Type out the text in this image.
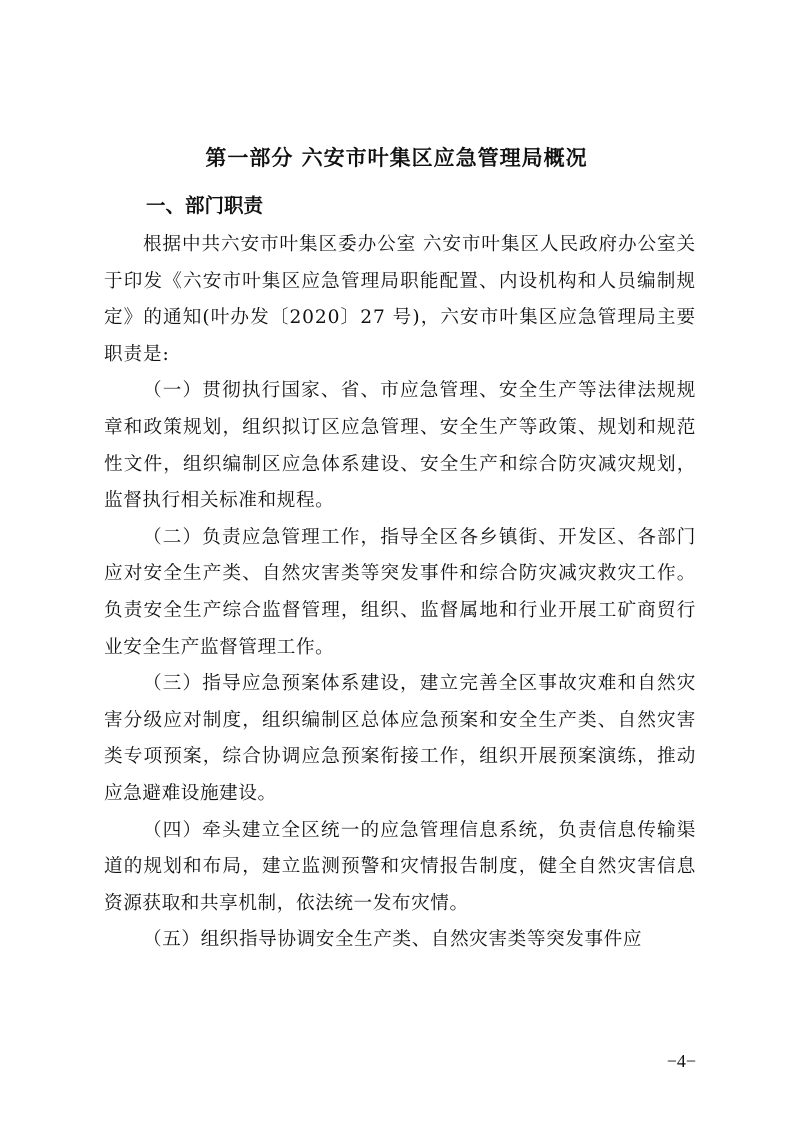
第一部分 六安市叶集区应急管理局概况
一、部门职责

根据中共六安市叶集区委办公室 六安市叶集区人民政府办公室关于印发《六安市叶集区应急管理局职能配置、内设机构和人员编制规定》的通知(叶办发〔2020〕27 号)，六安市叶集区应急管理局主要职责是:

（一）贯彻执行国家、省、市应急管理、安全生产等法律法规规章和政策规划，组织拟订区应急管理、安全生产等政策、规划和规范性文件，组织编制区应急体系建设、安全生产和综合防灾减灾规划，监督执行相关标准和规程。

（二）负责应急管理工作，指导全区各乡镇街、开发区、各部门应对安全生产类、自然灾害类等突发事件和综合防灾减灾救灾工作。负责安全生产综合监督管理，组织、监督属地和行业开展工矿商贸行业安全生产监督管理工作。

（三）指导应急预案体系建设，建立完善全区事故灾难和自然灾害分级应对制度，组织编制区总体应急预案和安全生产类、自然灾害类专项预案，综合协调应急预案衔接工作，组织开展预案演练，推动应急避难设施建设。

（四）牵头建立全区统一的应急管理信息系统，负责信息传输渠道的规划和布局，建立监测预警和灾情报告制度，健全自然灾害信息资源获取和共享机制，依法统一发布灾情。

（五）组织指导协调安全生产类、自然灾害类等突发事件应

−4−
